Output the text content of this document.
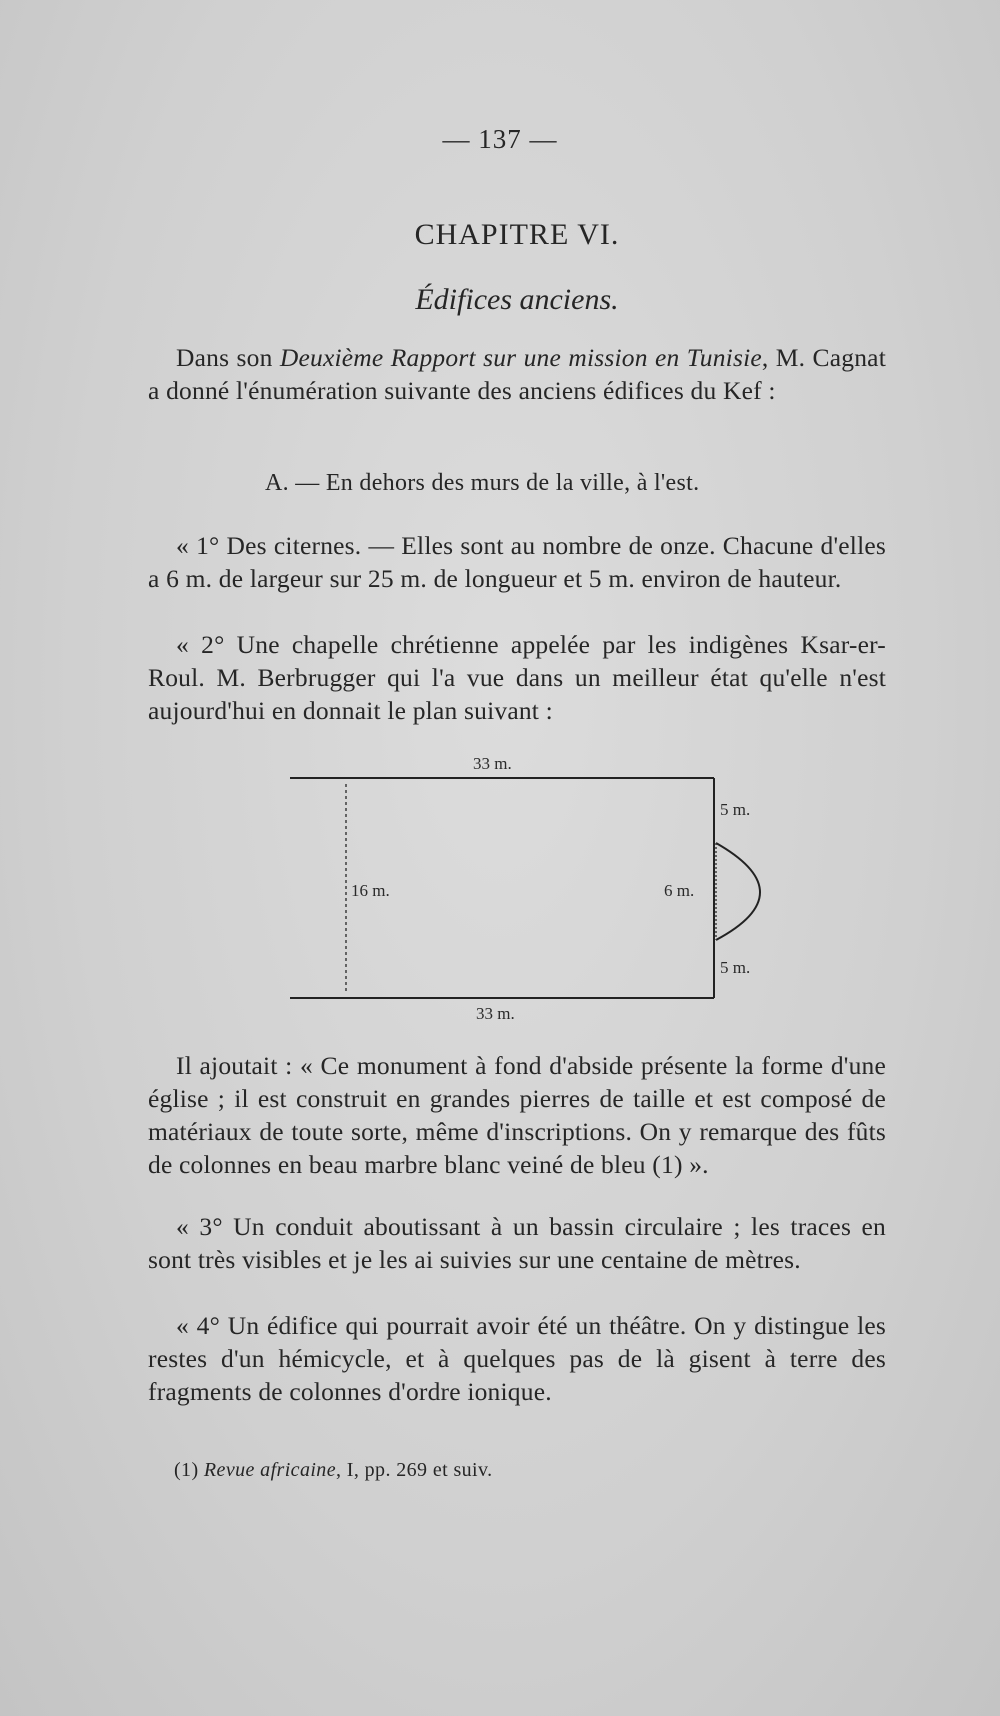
— 137 —

CHAPITRE VI.

Édifices anciens.

Dans son Deuxième Rapport sur une mission en Tunisie, M. Cagnat a donné l'énumération suivante des anciens édifices du Kef :

A. — En dehors des murs de la ville, à l'est.

« 1° Des citernes. — Elles sont au nombre de onze. Chacune d'elles a 6 m. de largeur sur 25 m. de longueur et 5 m. environ de hauteur.

« 2° Une chapelle chrétienne appelée par les indigènes Ksar-er-Roul. M. Berbrugger qui l'a vue dans un meilleur état qu'elle n'est aujourd'hui en donnait le plan suivant :

33 m.
33 m.
16 m.	6 m.
5 m.
5 m.

Il ajoutait : « Ce monument à fond d'abside présente la forme d'une église ; il est construit en grandes pierres de taille et est composé de matériaux de toute sorte, même d'inscriptions. On y remarque des fûts de colonnes en beau marbre blanc veiné de bleu (1) ».

« 3° Un conduit aboutissant à un bassin circulaire ; les traces en sont très visibles et je les ai suivies sur une centaine de mètres.

« 4° Un édifice qui pourrait avoir été un théâtre. On y distingue les restes d'un hémicycle, et à quelques pas de là gisent à terre des fragments de colonnes d'ordre ionique.

(1) Revue africaine, I, pp. 269 et suiv.
